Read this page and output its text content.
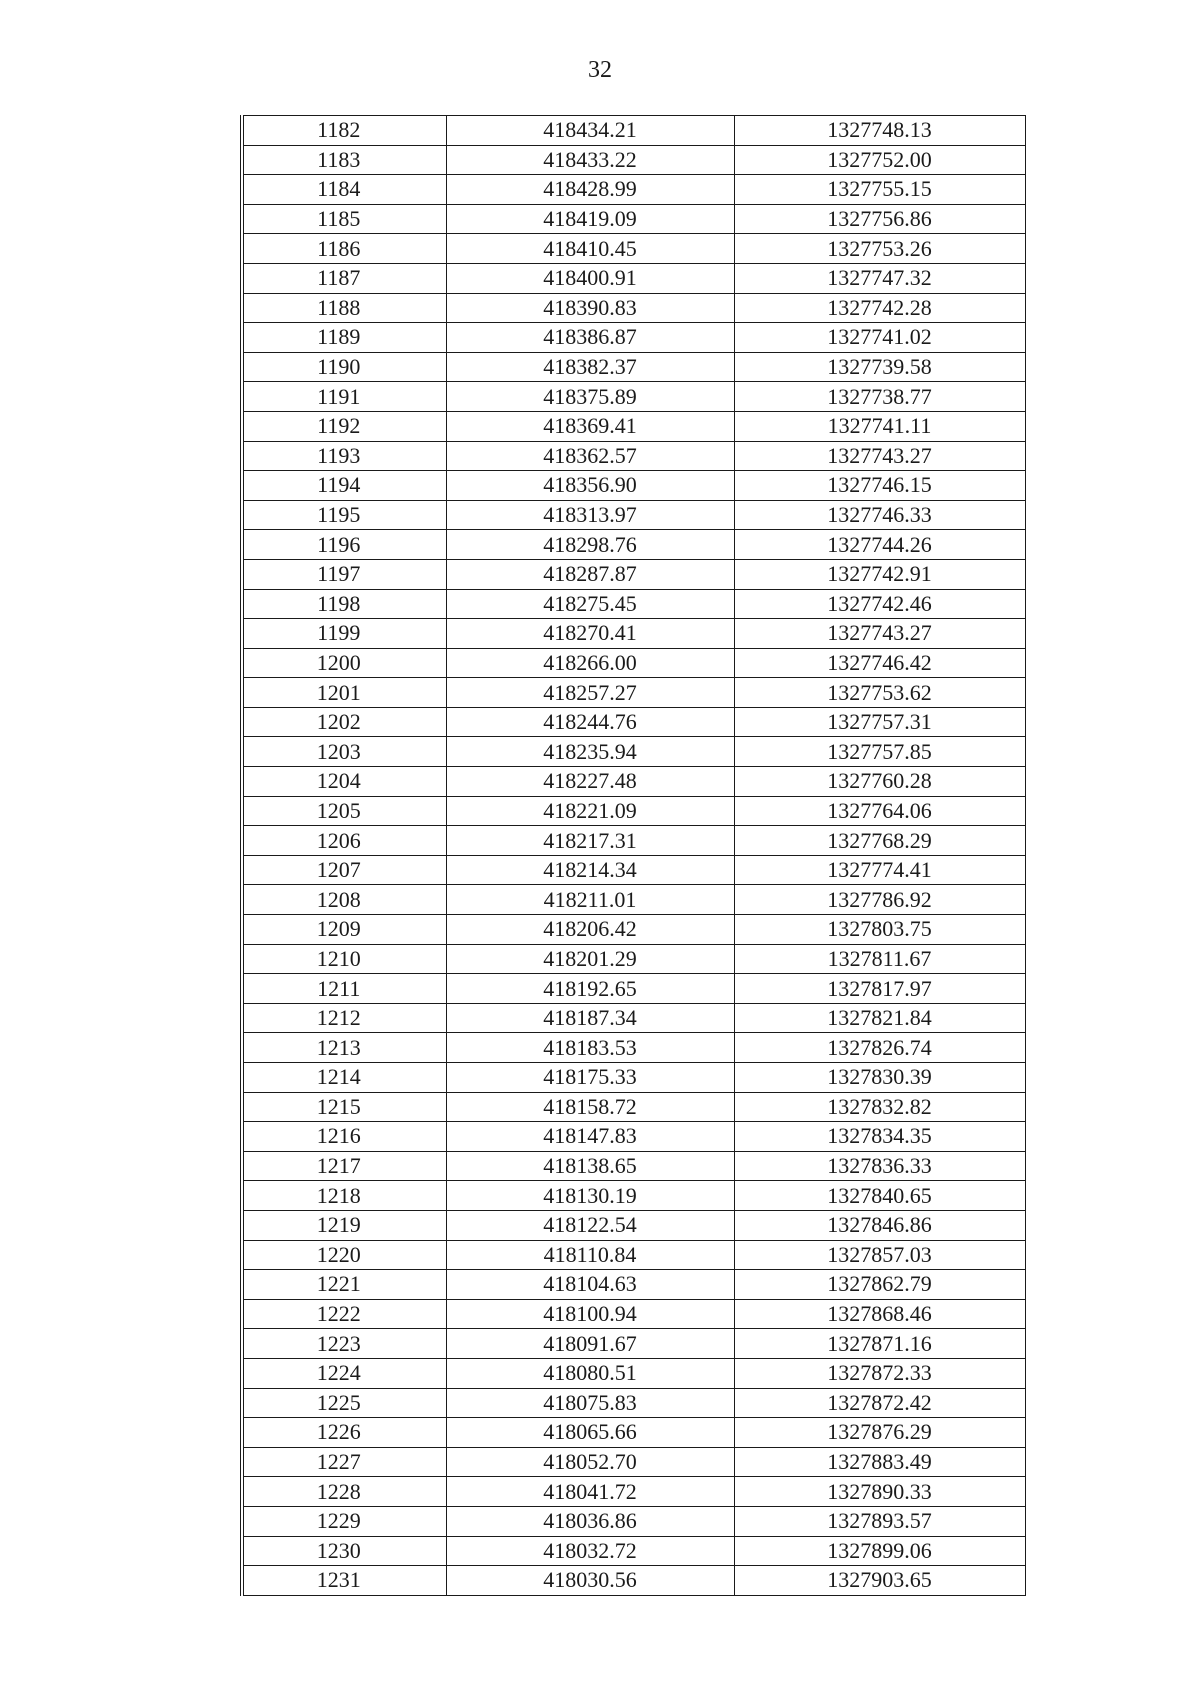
32
1182	418434.21	1327748.13
1183	418433.22	1327752.00
1184	418428.99	1327755.15
1185	418419.09	1327756.86
1186	418410.45	1327753.26
1187	418400.91	1327747.32
1188	418390.83	1327742.28
1189	418386.87	1327741.02
1190	418382.37	1327739.58
1191	418375.89	1327738.77
1192	418369.41	1327741.11
1193	418362.57	1327743.27
1194	418356.90	1327746.15
1195	418313.97	1327746.33
1196	418298.76	1327744.26
1197	418287.87	1327742.91
1198	418275.45	1327742.46
1199	418270.41	1327743.27
1200	418266.00	1327746.42
1201	418257.27	1327753.62
1202	418244.76	1327757.31
1203	418235.94	1327757.85
1204	418227.48	1327760.28
1205	418221.09	1327764.06
1206	418217.31	1327768.29
1207	418214.34	1327774.41
1208	418211.01	1327786.92
1209	418206.42	1327803.75
1210	418201.29	1327811.67
1211	418192.65	1327817.97
1212	418187.34	1327821.84
1213	418183.53	1327826.74
1214	418175.33	1327830.39
1215	418158.72	1327832.82
1216	418147.83	1327834.35
1217	418138.65	1327836.33
1218	418130.19	1327840.65
1219	418122.54	1327846.86
1220	418110.84	1327857.03
1221	418104.63	1327862.79
1222	418100.94	1327868.46
1223	418091.67	1327871.16
1224	418080.51	1327872.33
1225	418075.83	1327872.42
1226	418065.66	1327876.29
1227	418052.70	1327883.49
1228	418041.72	1327890.33
1229	418036.86	1327893.57
1230	418032.72	1327899.06
1231	418030.56	1327903.65
